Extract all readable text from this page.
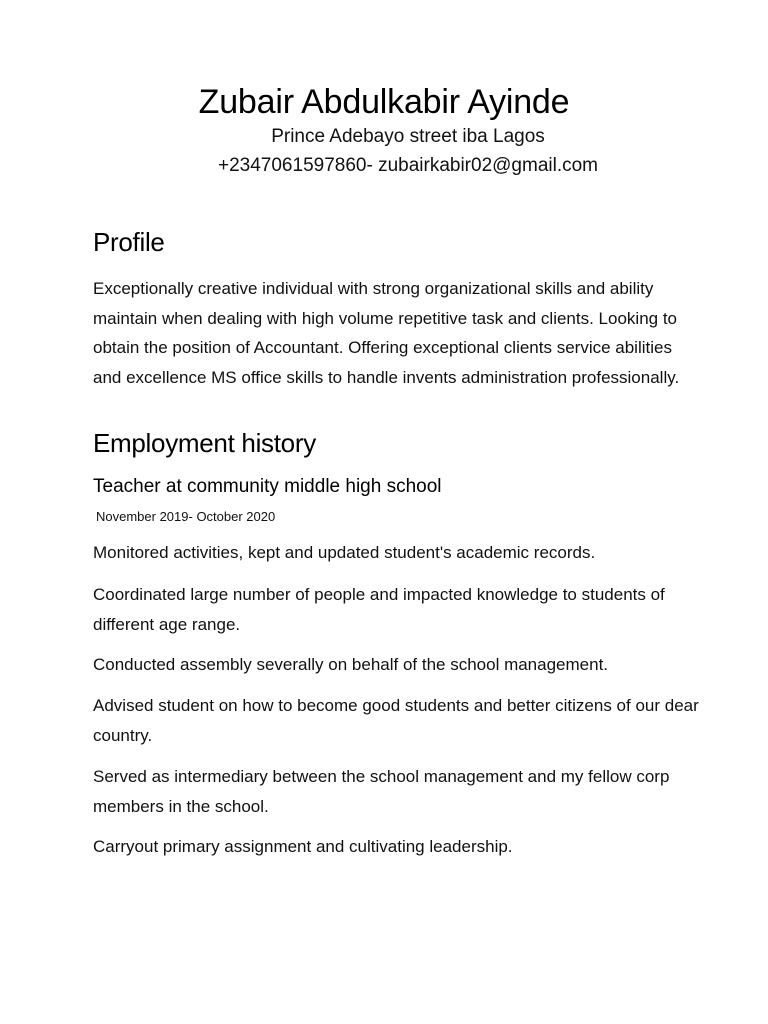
Zubair Abdulkabir Ayinde
Prince Adebayo street iba Lagos
+2347061597860- zubairkabir02@gmail.com
Profile
Exceptionally creative individual with strong organizational skills and ability maintain when dealing with high volume repetitive task and clients. Looking to obtain the position of Accountant. Offering exceptional clients service abilities and excellence MS office skills to handle invents administration professionally.
Employment history
Teacher at community middle high school
November 2019- October 2020
Monitored activities, kept and updated student's academic records.
Coordinated large number of people and impacted knowledge to students of different age range.
Conducted assembly severally on behalf of the school management.
Advised student on how to become good students and better citizens of our dear country.
Served as intermediary between the school management and my fellow corp members in the school.
Carryout primary assignment and cultivating leadership.
